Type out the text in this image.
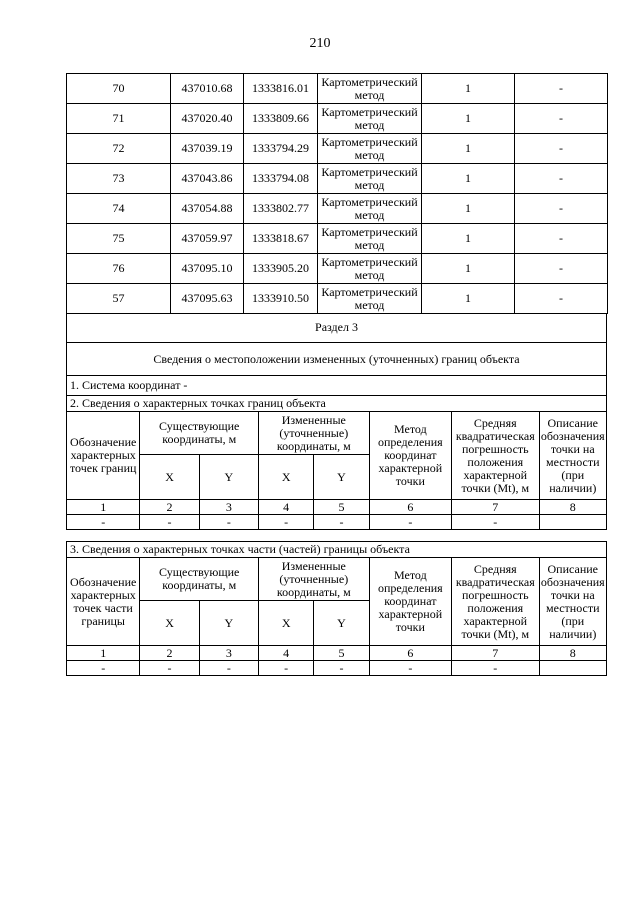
210
70	437010.68	1333816.01	Картометрический метод	1	-
71	437020.40	1333809.66	Картометрический метод	1	-
72	437039.19	1333794.29	Картометрический метод	1	-
73	437043.86	1333794.08	Картометрический метод	1	-
74	437054.88	1333802.77	Картометрический метод	1	-
75	437059.97	1333818.67	Картометрический метод	1	-
76	437095.10	1333905.20	Картометрический метод	1	-
57	437095.63	1333910.50	Картометрический метод	1	-
Раздел 3
Сведения о местоположении измененных (уточненных) границ объекта
1. Система координат -							
2. Сведения о характерных точках границ объекта							
Обозначение характерных точек границ	Существующие координаты, м		Измененные (уточненные) координаты, м		Метод определения координат характерной точки	Средняя квадратическая погрешность положения характерной точки (Mt), м	Описание обозначения точки на местности (при наличии)
	X	Y	X	Y			
1	2	3	4	5	6	7	8
-	-	-	-	-	-	-	
3. Сведения о характерных точках части (частей) границы объекта							
Обозначение характерных точек части границы	Существующие координаты, м		Измененные (уточненные) координаты, м		Метод определения координат характерной точки	Средняя квадратическая погрешность положения характерной точки (Mt), м	Описание обозначения точки на местности (при наличии)
	X	Y	X	Y			
1	2	3	4	5	6	7	8
-	-	-	-	-	-	-	
